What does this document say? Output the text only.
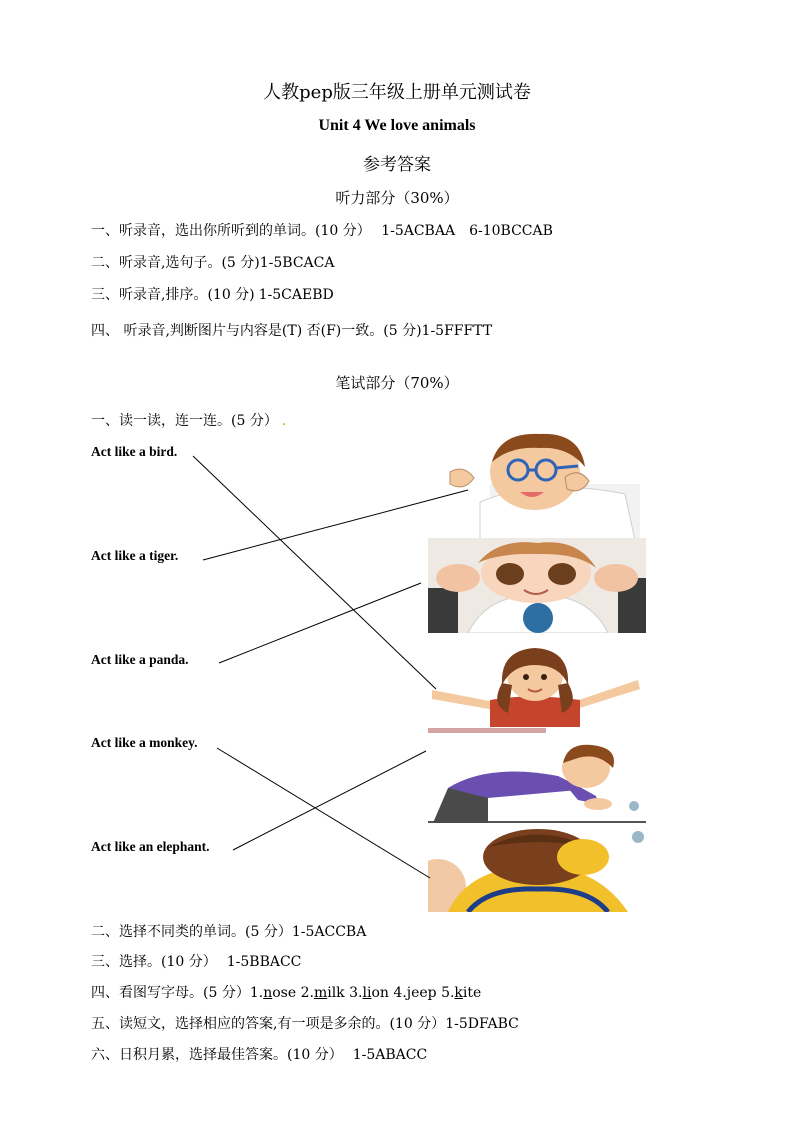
人教pep版三年级上册单元测试卷
Unit 4 We love animals
参考答案
听力部分（30%）
一、听录音，选出你所听到的单词。(10 分） 1-5ACBAA　6-10BCCAB
二、听录音,选句子。(5 分)1-5BCACA
三、听录音,排序。(10 分) 1-5CAEBD
四、 听录音,判断图片与内容是(T) 否(F)一致。(5 分)1-5FFFTT
笔试部分（70%）
一、读一读，连一连。(5 分） .
Act like a bird.
Act like a tiger.
Act like a panda.
Act like a monkey.
Act like an elephant.
二、选择不同类的单词。(5 分）1-5ACCBA
三、选择。(10 分） 1-5BBACC
四、看图写字母。(5 分）1.nose 2.milk 3.lion 4.jeep 5.kite
五、读短文，选择相应的答案,有一项是多余的。(10 分）1-5DFABC
六、日积月累，选择最佳答案。(10 分） 1-5ABACC
